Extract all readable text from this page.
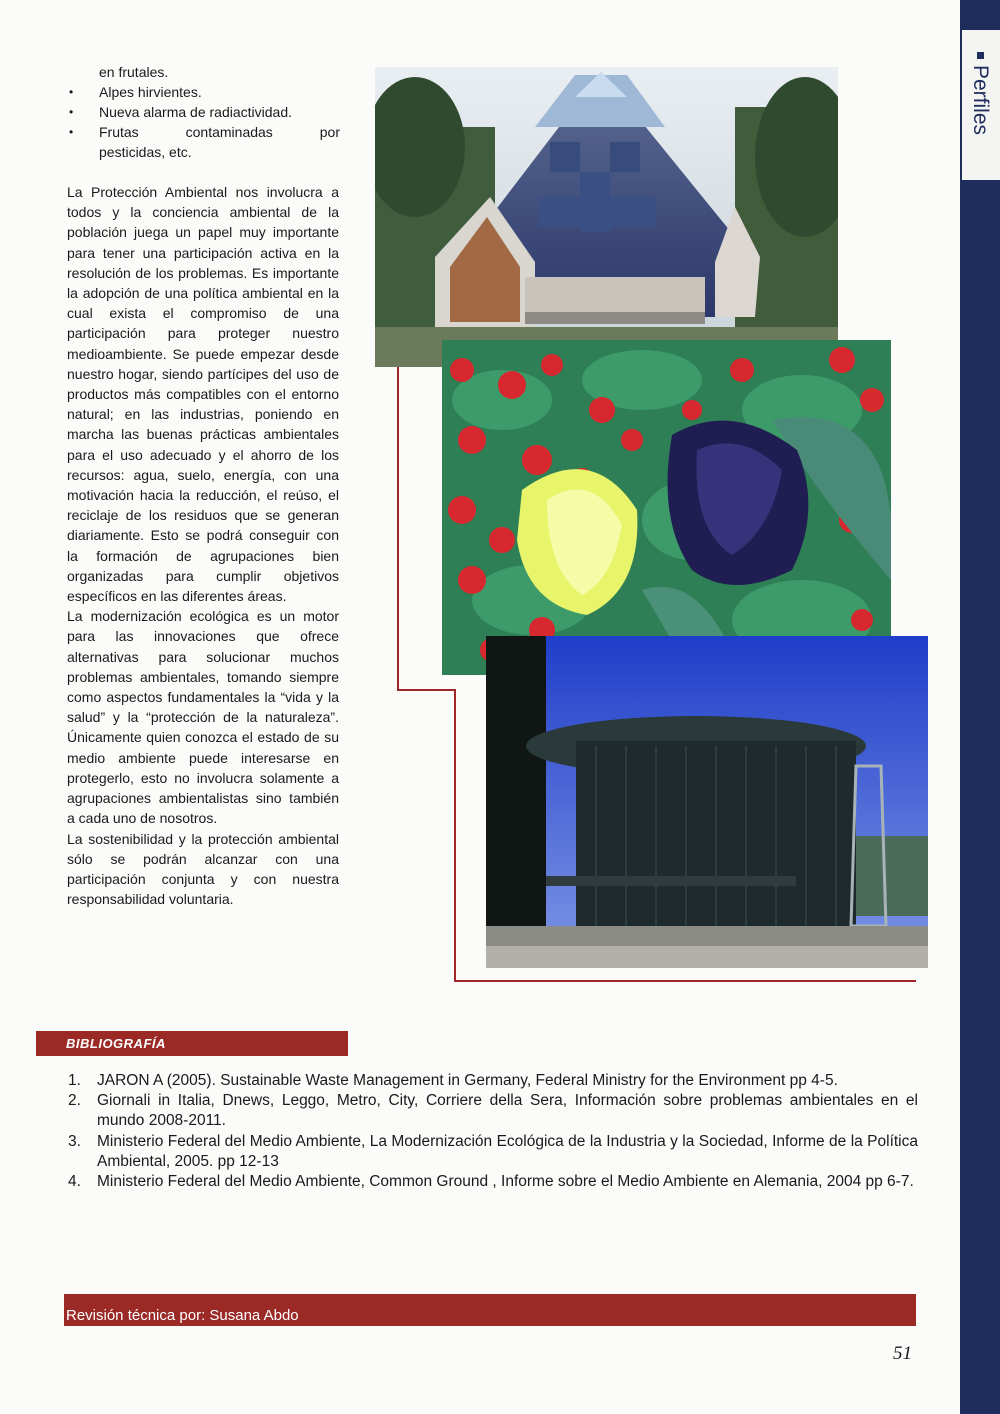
Perfiles
en frutales.
• Alpes hirvientes.
• Nueva alarma de radiactividad.
• Frutas contaminadas por
pesticidas, etc.

La Protección Ambiental nos involucra a todos y la conciencia ambiental de la población juega un papel muy importante para tener una participación activa en la resolución de los problemas. Es importante la adopción de una política ambiental en la cual exista el compromiso de una participación para proteger nuestro medioambiente. Se puede empezar desde nuestro hogar, siendo partícipes del uso de productos más compatibles con el entorno natural; en las industrias, poniendo en marcha las buenas prácticas ambientales para el uso adecuado y el ahorro de los recursos: agua, suelo, energía, con una motivación hacia la reducción, el reúso, el reciclaje de los residuos que se generan diariamente. Esto se podrá conseguir con la formación de agrupaciones bien organizadas para cumplir objetivos específicos en las diferentes áreas.

La modernización ecológica es un motor para las innovaciones que ofrece alternativas para solucionar muchos problemas ambientales, tomando siempre como aspectos fundamentales la “vida y la salud” y la “protección de la naturaleza”. Únicamente quien conozca el estado de su medio ambiente puede interesarse en protegerlo, esto no involucra solamente a agrupaciones ambientalistas sino también a cada uno de nosotros.

La sostenibilidad y la protección ambiental sólo se podrán alcanzar con una participación conjunta y con nuestra responsabilidad voluntaria.

BIBLIOGRAFÍA
1. JARON A (2005). Sustainable Waste Management in Germany, Federal Ministry for the Environment pp 4-5.
2. Giornali in Italia, Dnews, Leggo, Metro, City, Corriere della Sera, Información sobre problemas ambientales en el mundo 2008-2011.
3. Ministerio Federal del Medio Ambiente, La Modernización Ecológica de la Industria y la Sociedad, Informe de la Política Ambiental, 2005. pp 12-13
4. Ministerio Federal del Medio Ambiente, Common Ground , Informe sobre el Medio Ambiente en Alemania, 2004 pp 6-7.
Revisión técnica por: Susana Abdo
51
